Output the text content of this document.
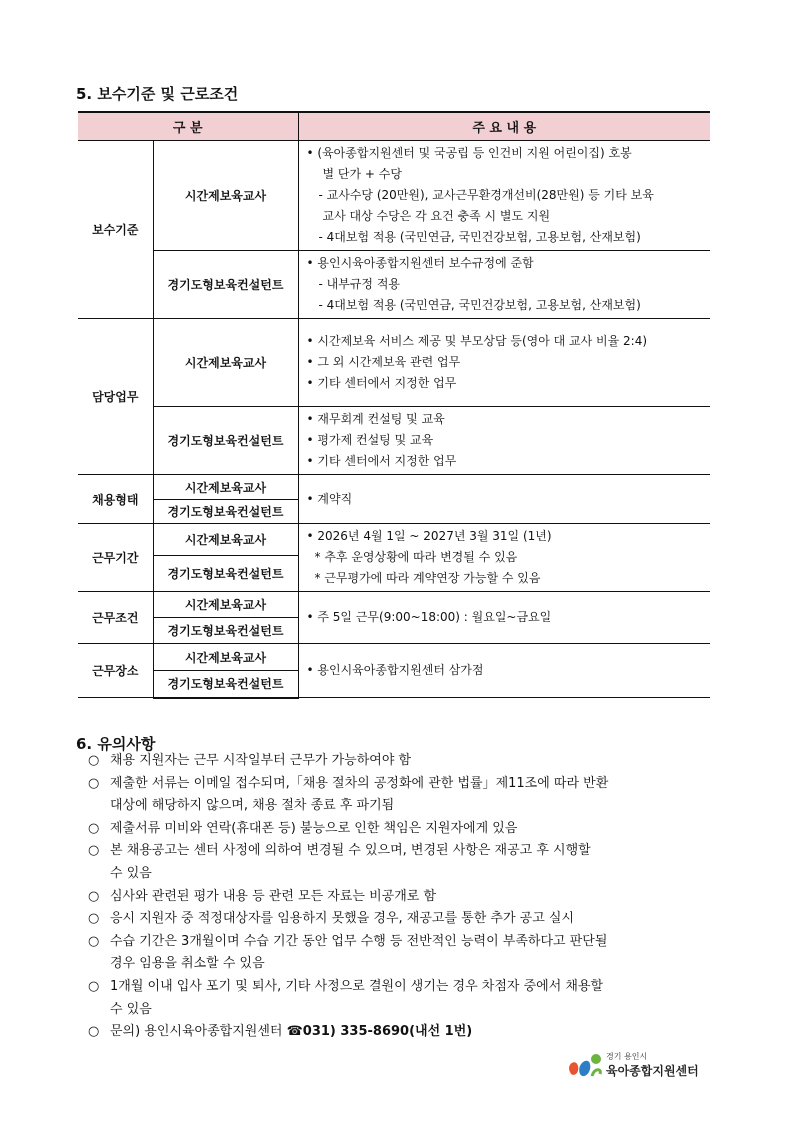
5. 보수기준 및 근로조건
구 분		주 요 내 용
보수기준	시간제보육교사	• (육아종합지원센터 및 국공립 등 인건비 지원 어린이집) 호봉
별 단가 + 수당
- 교사수당 (20만원), 교사근무환경개선비(28만원) 등 기타 보육
교사 대상 수당은 각 요건 충족 시 별도 지원
- 4대보험 적용 (국민연금, 국민건강보험, 고용보험, 산재보험)

	경기도형보육컨설턴트	• 용인시육아종합지원센터 보수규정에 준함
- 내부규정 적용
- 4대보험 적용 (국민연금, 국민건강보험, 고용보험, 산재보험)

담당업무	시간제보육교사	• 시간제보육 서비스 제공 및 부모상담 등(영아 대 교사 비율 2:4)
• 그 외 시간제보육 관련 업무
• 기타 센터에서 지정한 업무

	경기도형보육컨설턴트	• 재무회계 컨설팅 및 교육
• 평가제 컨설팅 및 교육
• 기타 센터에서 지정한 업무

채용형태	시간제보육교사	• 계약직

	경기도형보육컨설턴트	
근무기간	시간제보육교사	• 2026년 4월 1일 ~ 2027년 3월 31일 (1년)
* 추후 운영상황에 따라 변경될 수 있음
* 근무평가에 따라 계약연장 가능할 수 있음

	경기도형보육컨설턴트	
근무조건	시간제보육교사	• 주 5일 근무(9:00~18:00) : 월요일~금요일

	경기도형보육컨설턴트	
근무장소	시간제보육교사	• 용인시육아종합지원센터 삼가점

	경기도형보육컨설턴트	
6. 유의사항
○ 채용 지원자는 근무 시작일부터 근무가 가능하여야 함
○ 제출한 서류는 이메일 접수되며,「채용 절차의 공정화에 관한 법률」제11조에 따라 반환
대상에 해당하지 않으며, 채용 절차 종료 후 파기됨
○ 제출서류 미비와 연락(휴대폰 등) 불능으로 인한 책임은 지원자에게 있음
○ 본 채용공고는 센터 사정에 의하여 변경될 수 있으며, 변경된 사항은 재공고 후 시행할
수 있음
○ 심사와 관련된 평가 내용 등 관련 모든 자료는 비공개로 함
○ 응시 지원자 중 적정대상자를 임용하지 못했을 경우, 재공고를 통한 추가 공고 실시
○ 수습 기간은 3개월이며 수습 기간 동안 업무 수행 등 전반적인 능력이 부족하다고 판단될
경우 임용을 취소할 수 있음
○ 1개월 이내 입사 포기 및 퇴사, 기타 사정으로 결원이 생기는 경우 차점자 중에서 채용할
수 있음
○ 문의) 용인시육아종합지원센터 ☎031) 335-8690(내선 1번)
경기 용인시
육아종합지원센터
